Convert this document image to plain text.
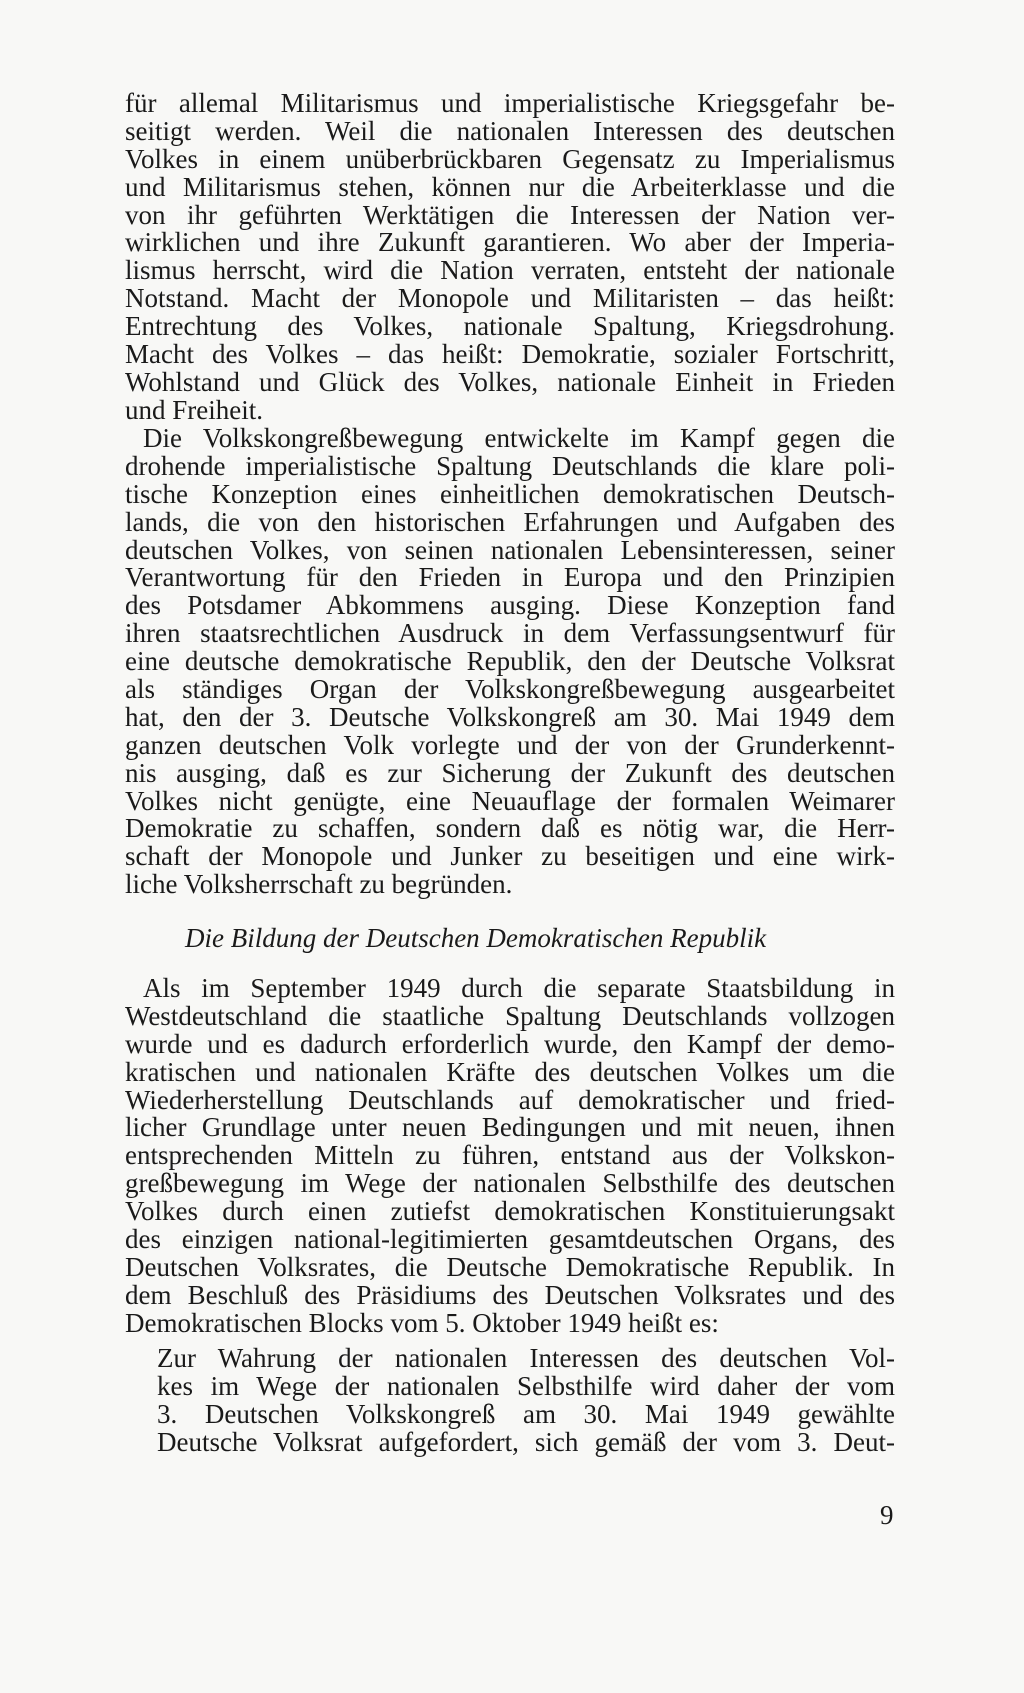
für allemal Militarismus und imperialistische Kriegsgefahr be-
seitigt werden. Weil die nationalen Interessen des deutschen
Volkes in einem unüberbrückbaren Gegensatz zu Imperialismus
und Militarismus stehen, können nur die Arbeiterklasse und die
von ihr geführten Werktätigen die Interessen der Nation ver-
wirklichen und ihre Zukunft garantieren. Wo aber der Imperia-
lismus herrscht, wird die Nation verraten, entsteht der nationale
Notstand. Macht der Monopole und Militaristen – das heißt:
Entrechtung des Volkes, nationale Spaltung, Kriegsdrohung.
Macht des Volkes – das heißt: Demokratie, sozialer Fortschritt,
Wohlstand und Glück des Volkes, nationale Einheit in Frieden
und Freiheit.
Die Volkskongreßbewegung entwickelte im Kampf gegen die
drohende imperialistische Spaltung Deutschlands die klare poli-
tische Konzeption eines einheitlichen demokratischen Deutsch-
lands, die von den historischen Erfahrungen und Aufgaben des
deutschen Volkes, von seinen nationalen Lebensinteressen, seiner
Verantwortung für den Frieden in Europa und den Prinzipien
des Potsdamer Abkommens ausging. Diese Konzeption fand
ihren staatsrechtlichen Ausdruck in dem Verfassungsentwurf für
eine deutsche demokratische Republik, den der Deutsche Volksrat
als ständiges Organ der Volkskongreßbewegung ausgearbeitet
hat, den der 3. Deutsche Volkskongreß am 30. Mai 1949 dem
ganzen deutschen Volk vorlegte und der von der Grunderkennt-
nis ausging, daß es zur Sicherung der Zukunft des deutschen
Volkes nicht genügte, eine Neuauflage der formalen Weimarer
Demokratie zu schaffen, sondern daß es nötig war, die Herr-
schaft der Monopole und Junker zu beseitigen und eine wirk-
liche Volksherrschaft zu begründen.
Die Bildung der Deutschen Demokratischen Republik
Als im September 1949 durch die separate Staatsbildung in
Westdeutschland die staatliche Spaltung Deutschlands vollzogen
wurde und es dadurch erforderlich wurde, den Kampf der demo-
kratischen und nationalen Kräfte des deutschen Volkes um die
Wiederherstellung Deutschlands auf demokratischer und fried-
licher Grundlage unter neuen Bedingungen und mit neuen, ihnen
entsprechenden Mitteln zu führen, entstand aus der Volkskon-
greßbewegung im Wege der nationalen Selbsthilfe des deutschen
Volkes durch einen zutiefst demokratischen Konstituierungsakt
des einzigen national-legitimierten gesamtdeutschen Organs, des
Deutschen Volksrates, die Deutsche Demokratische Republik. In
dem Beschluß des Präsidiums des Deutschen Volksrates und des
Demokratischen Blocks vom 5. Oktober 1949 heißt es:
Zur Wahrung der nationalen Interessen des deutschen Vol-
kes im Wege der nationalen Selbsthilfe wird daher der vom
3. Deutschen Volkskongreß am 30. Mai 1949 gewählte
Deutsche Volksrat aufgefordert, sich gemäß der vom 3. Deut-
9
